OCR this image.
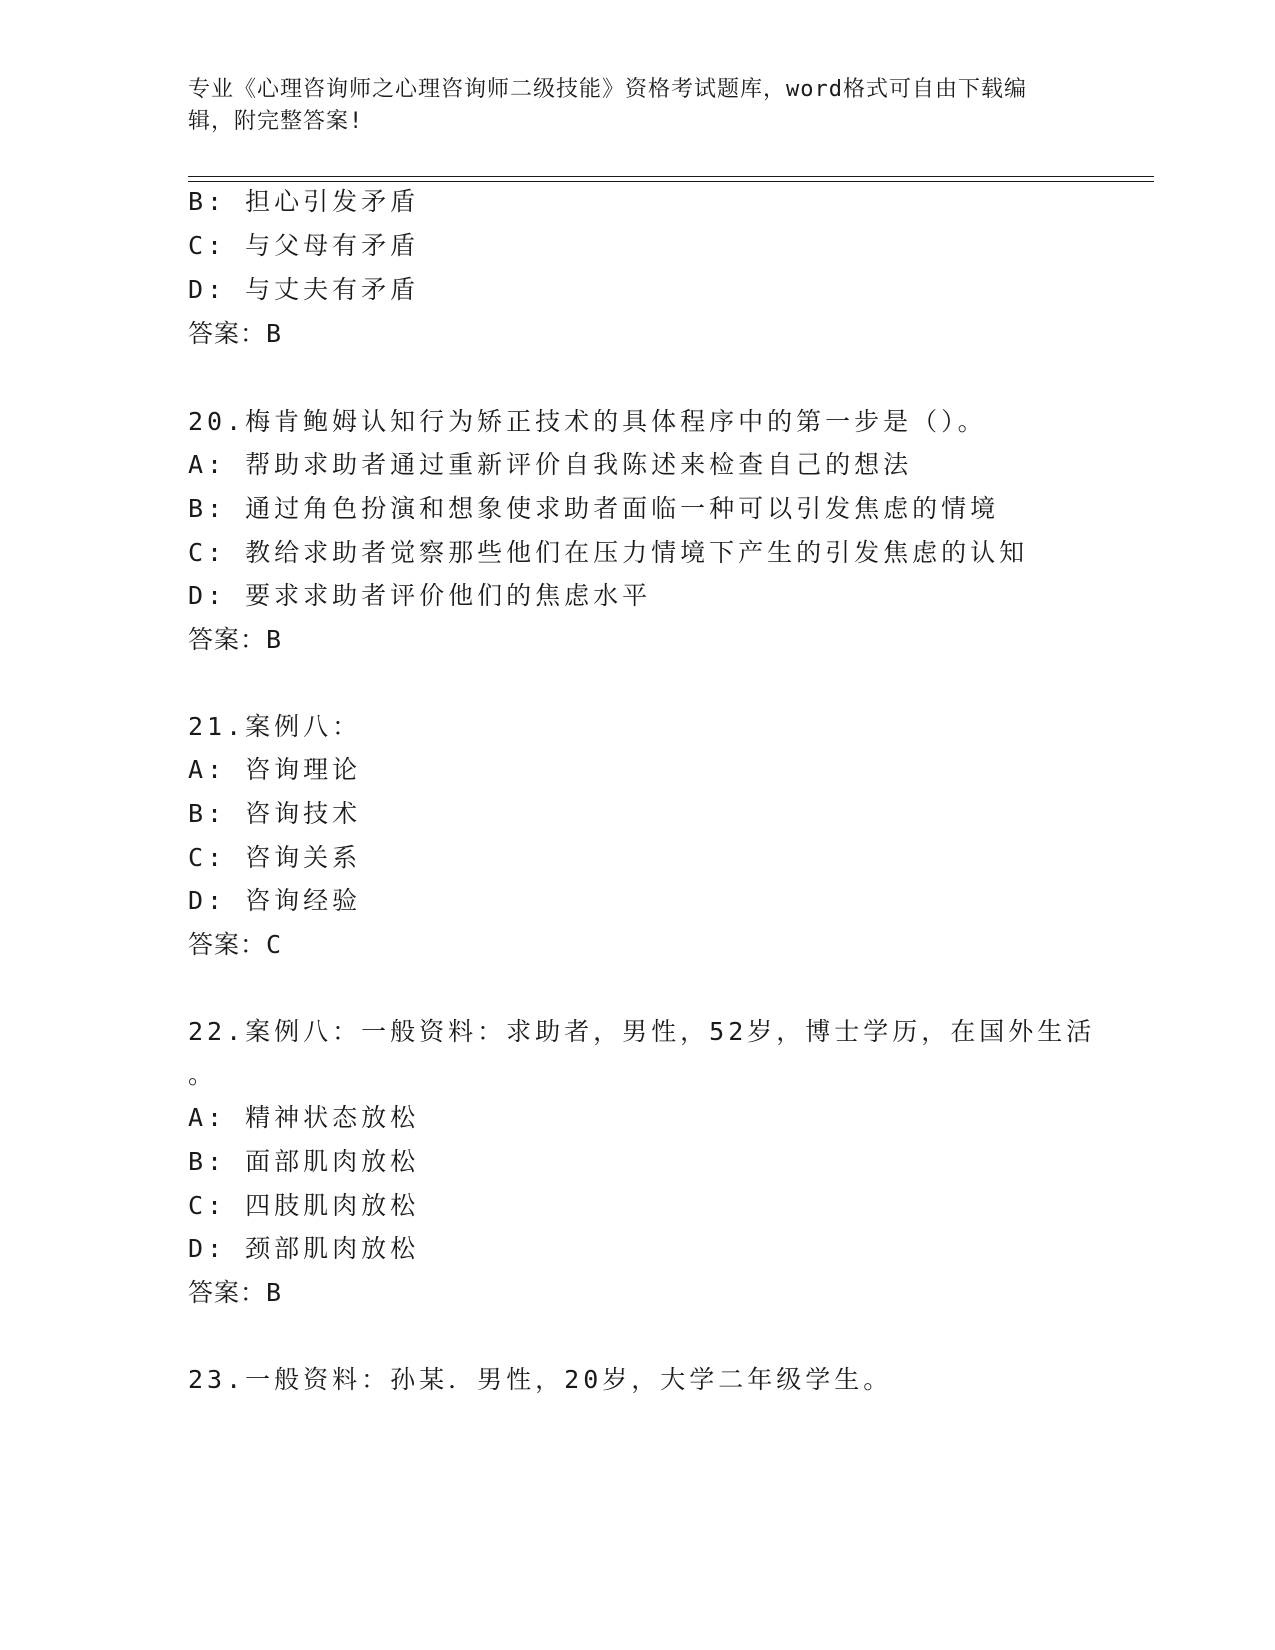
专业《心理咨询师之心理咨询师二级技能》资格考试题库，word格式可自由下载编辑，附完整答案!
B: 担心引发矛盾
C: 与父母有矛盾
D: 与丈夫有矛盾
答案：B
20.梅肯鲍姆认知行为矫正技术的具体程序中的第一步是（）。
A: 帮助求助者通过重新评价自我陈述来检查自己的想法
B: 通过角色扮演和想象使求助者面临一种可以引发焦虑的情境
C: 教给求助者觉察那些他们在压力情境下产生的引发焦虑的认知
D: 要求求助者评价他们的焦虑水平
答案：B
21.案例八：
A: 咨询理论
B: 咨询技术
C: 咨询关系
D: 咨询经验
答案：C
22.案例八：一般资料：求助者，男性，52岁，博士学历，在国外生活
。
A: 精神状态放松
B: 面部肌肉放松
C: 四肢肌肉放松
D: 颈部肌肉放松
答案：B
23.一般资料：孙某．男性，20岁，大学二年级学生。
